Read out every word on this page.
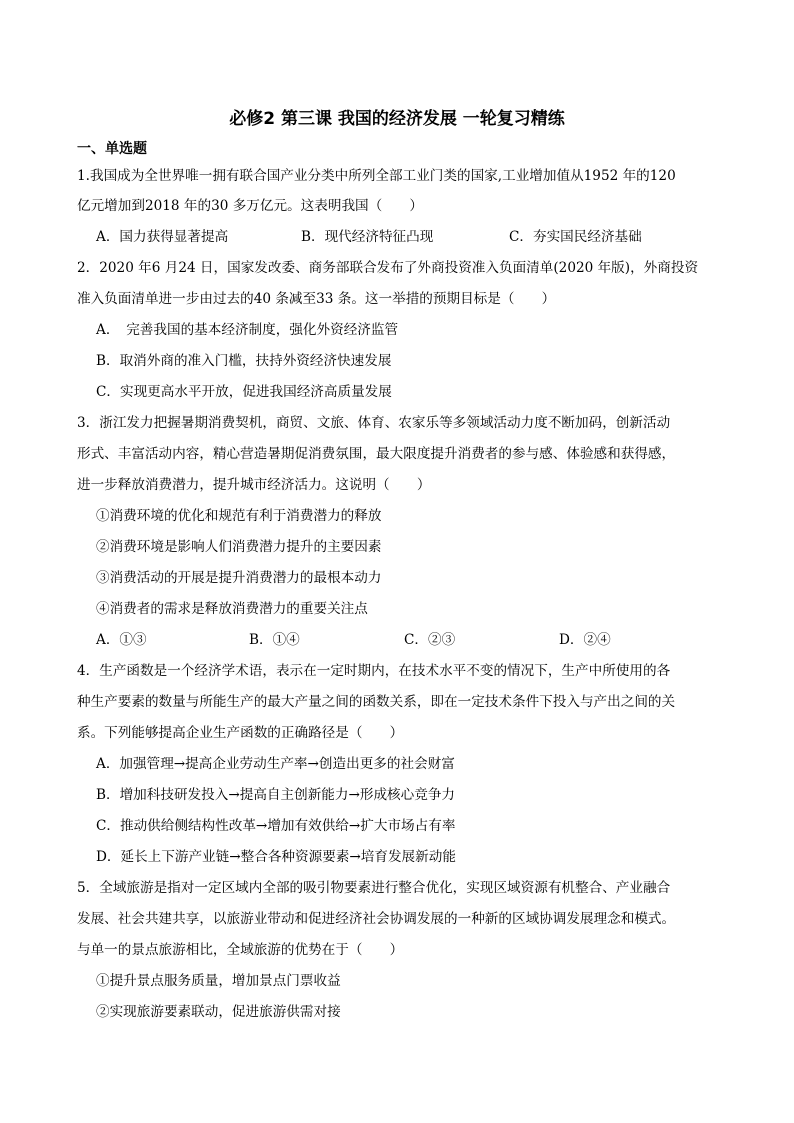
必修2 第三课 我国的经济发展 一轮复习精练
一、单选题
1.我国成为全世界唯一拥有联合国产业分类中所列全部工业门类的国家,工业增加值从1952 年的120
亿元增加到2018 年的30 多万亿元。这表明我国（　　）
A．国力获得显著提高	B．现代经济特征凸现	C．夯实国民经济基础
2．2020 年6 月24 日，国家发改委、商务部联合发布了外商投资准入负面清单(2020 年版)，外商投资
准入负面清单进一步由过去的40 条减至33 条。这一举措的预期目标是（　　）
A．　完善我国的基本经济制度，强化外资经济监管
B．取消外商的准入门槛，扶持外资经济快速发展
C．实现更高水平开放，促进我国经济高质量发展
3．浙江发力把握暑期消费契机，商贸、文旅、体育、农家乐等多领域活动力度不断加码，创新活动
形式、丰富活动内容，精心营造暑期促消费氛围，最大限度提升消费者的参与感、体验感和获得感，
进一步释放消费潜力，提升城市经济活力。这说明（　　）
①消费环境的优化和规范有利于消费潜力的释放
②消费环境是影响人们消费潜力提升的主要因素
③消费活动的开展是提升消费潜力的最根本动力
④消费者的需求是释放消费潜力的重要关注点
A．①③	B．①④	C．②③	D．②④
4．生产函数是一个经济学术语，表示在一定时期内，在技术水平不变的情况下，生产中所使用的各
种生产要素的数量与所能生产的最大产量之间的函数关系，即在一定技术条件下投入与产出之间的关
系。下列能够提高企业生产函数的正确路径是（　　）
A．加强管理→提高企业劳动生产率→创造出更多的社会财富
B．增加科技研发投入→提高自主创新能力→形成核心竞争力
C．推动供给侧结构性改革→增加有效供给→扩大市场占有率
D．延长上下游产业链→整合各种资源要素→培育发展新动能
5．全域旅游是指对一定区域内全部的吸引物要素进行整合优化，实现区域资源有机整合、产业融合
发展、社会共建共享，以旅游业带动和促进经济社会协调发展的一种新的区域协调发展理念和模式。
与单一的景点旅游相比，全域旅游的优势在于（　　）
①提升景点服务质量，增加景点门票收益
②实现旅游要素联动，促进旅游供需对接
